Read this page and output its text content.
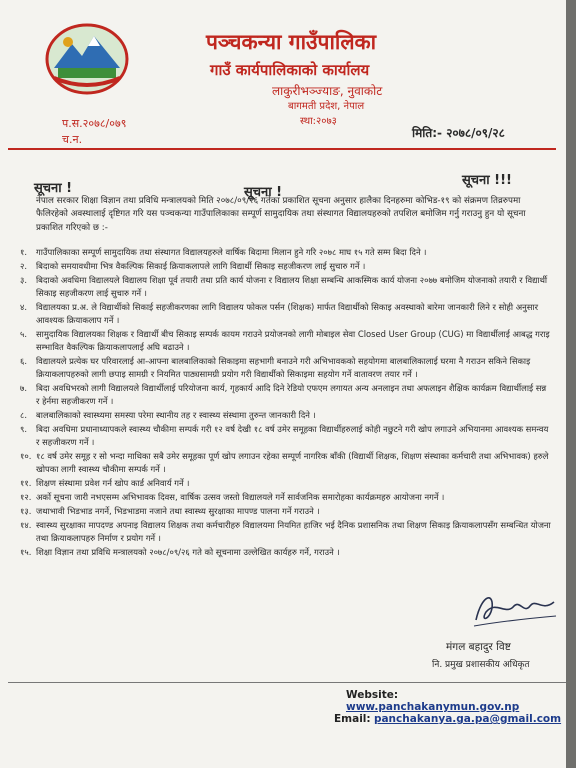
पञ्चकन्या गाउँपालिका
गाउँ कार्यपालिकाको कार्यालय
लाकुरीभञ्ज्याङ, नुवाकोट
बागमती प्रदेश, नेपाल
स्था:२०७३
प.स.२०७८/०७९
च.न.	मिति:- २०७८/०९/२८
सूचना !	सूचना !
सूचना !!!

नेपाल सरकार शिक्षा विज्ञान तथा प्रविधि मन्त्रालयको मिति २०७८/०९/२६ गतेका प्रकाशित सूचना अनुसार हालैका दिनहरुमा कोभिड-१९ को संक्रमण तिव्ररुपमा फैलिरहेको अवस्थालाई दृष्टिगत गरि यस पञ्चकन्या गाउँपालिकाका सम्पूर्ण सामुदायिक तथा संस्थागत विद्यालयहरुको तपशिल बमोजिम गर्नु गराउनु हुन यो सूचना प्रकाशित गरिएको छ :-

१.	गाउँपालिकाका सम्पूर्ण सामुदायिक तथा संस्थागत विद्यालयहरुले वार्षिक बिदामा मिलान हुने गरि २०७८ माघ १५ गते सम्म बिदा दिने ।
२.	बिदाको समयावधीमा भित्र वैकल्पिक सिकाई क्रियाकलापले लागि विद्यार्थी सिकाइ सहजीकरण लाई सुचारु गर्ने ।
३.	बिदाको अवधिमा विद्यालयले विद्यालय शिक्षा पूर्व तयारी तथा प्रति कार्य योजना र विद्यालय शिक्षा सम्बन्धि आकस्मिक कार्य योजना २०७७ बमोजिम योजनाको तयारी र विद्यार्थी सिकाइ सहजीकरण लाई सुचारु गर्ने ।
४.	विद्यालयका प्र.अ. ले विद्यार्थीको सिकाई सहजीकरणका लागि विद्यालय फोकल पर्सन (शिक्षक) मार्फत विद्यार्थीको सिकाइ अवस्थाको बारेमा जानकारी लिने र सोही अनुसार आवश्यक क्रियाकलाप गर्ने ।
५.	सामुदायिक विद्यालयका शिक्षक र विद्यार्थी बीच सिकाइ सम्पर्क कायम गराउने प्रयोजनको लागी मोबाइल सेवा Closed User Group (CUG) मा विद्यार्थीलाई आबद्ध गराइ सम्भावित वैकल्पिक क्रियाकलापलाई अघि बढाउने ।
६.	विद्यालयले प्रत्येक घर परिवारलाई आ-आफ्ना बालबालिकाको सिकाइमा सहभागी बनाउने गरी अभिभावकको सहयोगमा बालबालिकालाई घरमा नै गराउन सकिने सिकाइ क्रियाकलापहरुको लागी छपाइ सामग्री र नियमित पाठ्यसामग्री प्रयोग गरी विद्यार्थीको सिकाइमा सहयोग गर्ने वातावरण तयार गर्ने ।
७.	बिदा अवधिभरको लागी विद्यालयले विद्यार्थीलाई परियोजना कार्य, गृहकार्य आदि दिने रेडियो एफएम लगायत अन्य अनलाइन तथा अफलाइन शैक्षिक कार्यक्रम विद्यार्थीलाई सन्न र हेर्नमा सहजीकरण गर्ने ।
८.	बालबालिकाको स्वास्थ्यमा समस्या परेमा स्थानीय तह र स्वास्थ्य संस्थामा तुरुन्त जानकारी दिने ।
९.	बिदा अवधिमा प्रधानाध्यापकले स्वास्थ्य चौकीमा सम्पर्क गरी १२ वर्ष देखी १८ वर्ष उमेर समूहका विद्यार्थीहरुलाई कोही नछुटने गरी खोप लगाउने अभियानमा आवश्यक समन्वय र सहजीकरण गर्ने ।
१०. १८ वर्ष उमेर समूह र सो भन्दा माथिका सबै उमेर समूहका पूर्ण खोप लगाउन रहेका सम्पूर्ण नागरिक बाँकी (विद्यार्थी शिक्षक, शिक्षण संस्थाका कर्मचारी तथा अभिभावक) हरुले खोपका लागी स्वास्थ्य चौकीमा सम्पर्क गर्ने ।
११. शिक्षण संस्थामा प्रवेश गर्न खोप कार्ड अनिवार्य गर्ने ।
१२. अर्को सूचना जारी नभएसम्म अभिभावक दिवस, वार्षिक उत्सव जस्तो विद्यालयले गर्ने सार्वजनिक समारोहका कार्यक्रमहरु आयोजना नगर्ने ।
१३. जथाभावी भिडभाड नगर्ने, भिडभाडमा नजाने तथा स्वास्थ्य सुरक्षाका मापण्ड पालना गर्ने गराउने ।
१४. स्वास्थ्य सुरक्षाका मापदण्ड अपनाइ विद्यालय शिक्षक तथा कर्मचारीहरु विद्यालयमा नियमित हाजिर भई दैनिक प्रशासनिक तथा शिक्षण सिकाइ क्रियाकलापसँग सम्बन्धित योजना तथा क्रियाकलापहरु निर्माण र प्रयोग गर्ने ।
१५. शिक्षा विज्ञान तथा प्रविधि मन्त्रालयको २०७८/०९/२६ गते को सूचनामा उल्लेखित कार्यहरु गर्ने, गराउने ।
मंगल बहादुर विष्ट
नि. प्रमुख प्रशासकीय अधिकृत
Website: www.panchakanymun.gov.np
Email: panchakanya.ga.pa@gmail.com
